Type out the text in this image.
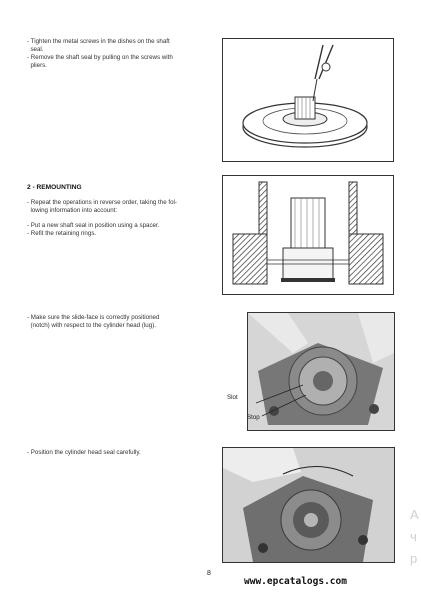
- Tighten the metal screws in the dishes on the shaft
seal.
- Remove the shaft seal by pulling on the screws with
pliers.
2 - REMOUNTING
- Repeat the operations in reverse order, taking the fol-
lowing information into account:
- Put a new shaft seal in position using a spacer.
- Refit the retaining rings.
- Make sure the slide-face is correctly positioned
(notch) with respect to the cylinder head (lug).
Slot
Stop
- Position the cylinder head seal carefully.
А
ч
р
8
www.epcatalogs.com
